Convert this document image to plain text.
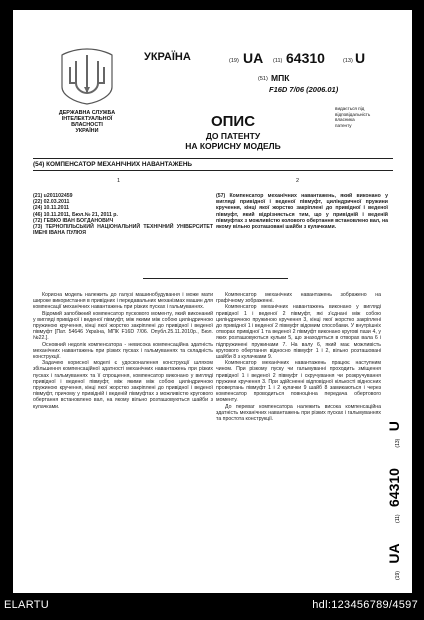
ДЕРЖАВНА СЛУЖБА
ІНТЕЛЕКТУАЛЬНОЇ
ВЛАСНОСТІ
УКРАЇНИ
УКРАЇНА	(19) UA (11) 64310	(13) U
(51) МПК
F16D 7/06 (2006.01)
видається під
відповідальність
власника
патенту
ОПИС
ДО ПАТЕНТУ
НА КОРИСНУ МОДЕЛЬ
(54) КОМПЕНСАТОР МЕХАНІЧНИХ НАВАНТАЖЕНЬ
1	2
(21) u201102459
(22) 02.03.2011
(24) 10.11.2011
(46) 10.11.2011, Бюл.№ 21, 2011 р.
(72) ГЕВКО ІВАН БОГДАНОВИЧ
(73) ТЕРНОПІЛЬСЬКИЙ НАЦІОНАЛЬНИЙ ТЕХНІЧНИЙ УНІВЕРСИТЕТ ІМЕНІ ІВАНА ПУЛЮЯ
(57) Компенсатор механічних навантажень, який виконано у вигляді привідної і веденої півмуфт, циліндричної пружини кручення, кінці якої жорстко закріплені до привідної і веденої півмуфт, який відрізняється тим, що у привідній і веденій півмуфтах з можливістю колового обертання встановлено вал, на якому вільно розташовані шайби з кулачками.

Корисна модель належить до галузі машинобудування і може мати широке використання в привідних і передавальних механізмах машин для компенсації механічних навантажень при різких пусках і гальмуваннях.

Відомий запобіжний компенсатор пускового моменту, який виконаний у вигляді привідної і веденої півмуфт, між якими між собою циліндричною пружиною кручення, кінці якої жорстко закріплені до привідної і веденої півмуфт [Пат. 54646 Україна, МПК F16D 7/06. Опубл.25.11.2010р., Бюл.№22.].

Основний недолік компенсатора - невисока компенсаційна здатність механічних навантажень при різких пусках і гальмуваннях та складність конструкції.

Задачею корисної моделі є удосконалення конструкції шляхом збільшення компенсаційної здатності механічних навантажень при різких пусках і гальмуваннях та її спрощення, компенсатор виконано у вигляді привідної і веденої півмуфт, між якими між собою циліндричною пружиною кручення, кінці якої жорстко закріплені до привідної і веденої півмуфт, причому у привідній і веденій півмуфтах з можливістю кругового обертання встановлено вал, на якому вільно розташовуються шайби з кулачками.

Компенсатор механічних навантажень зображено на графічному зображенні.

Компенсатор механічних навантажень виконано у вигляді привідної 1 і веденої 2 півмуфт, які з'єднані між собою циліндричною пружиною кручення 3, кінці якої жорстко закріплені до привідної 1 і веденої 2 півмуфт відомим способами. У внутрішніх отворах привідної 1 та веденої 2 півмуфт виконано кругові пази 4, у яких розташовуються кульки 5, що знаходяться в отворах вала 6 і підпружинені пружинами 7. На валу 6, який має можливість кругового обертання відносно півмуфт 1 і 2, вільно розташовані шайби 8 з кулачками 9.

Компенсатор механічних навантажень працює наступним чином. При різкому пуску чи гальмуванні проходить зміщення привідної 1 і веденої 2 півмуфт і скручування чи розкручування пружини кручення 3. При здійсненні відповідної кількості відносних провертань півмуфт 1 і 2 кулачки 9 шайб 8 замикаються і через компенсатор проводиться повноцінна передача обертового моменту.

До переваг компенсатора належить висока компенсаційна здатність механічних навантажень при різких пусках і гальмуваннях та простота конструкції.

(19) UA (11) 64310 (13) U
ELARTU	hdl:123456789/4597
